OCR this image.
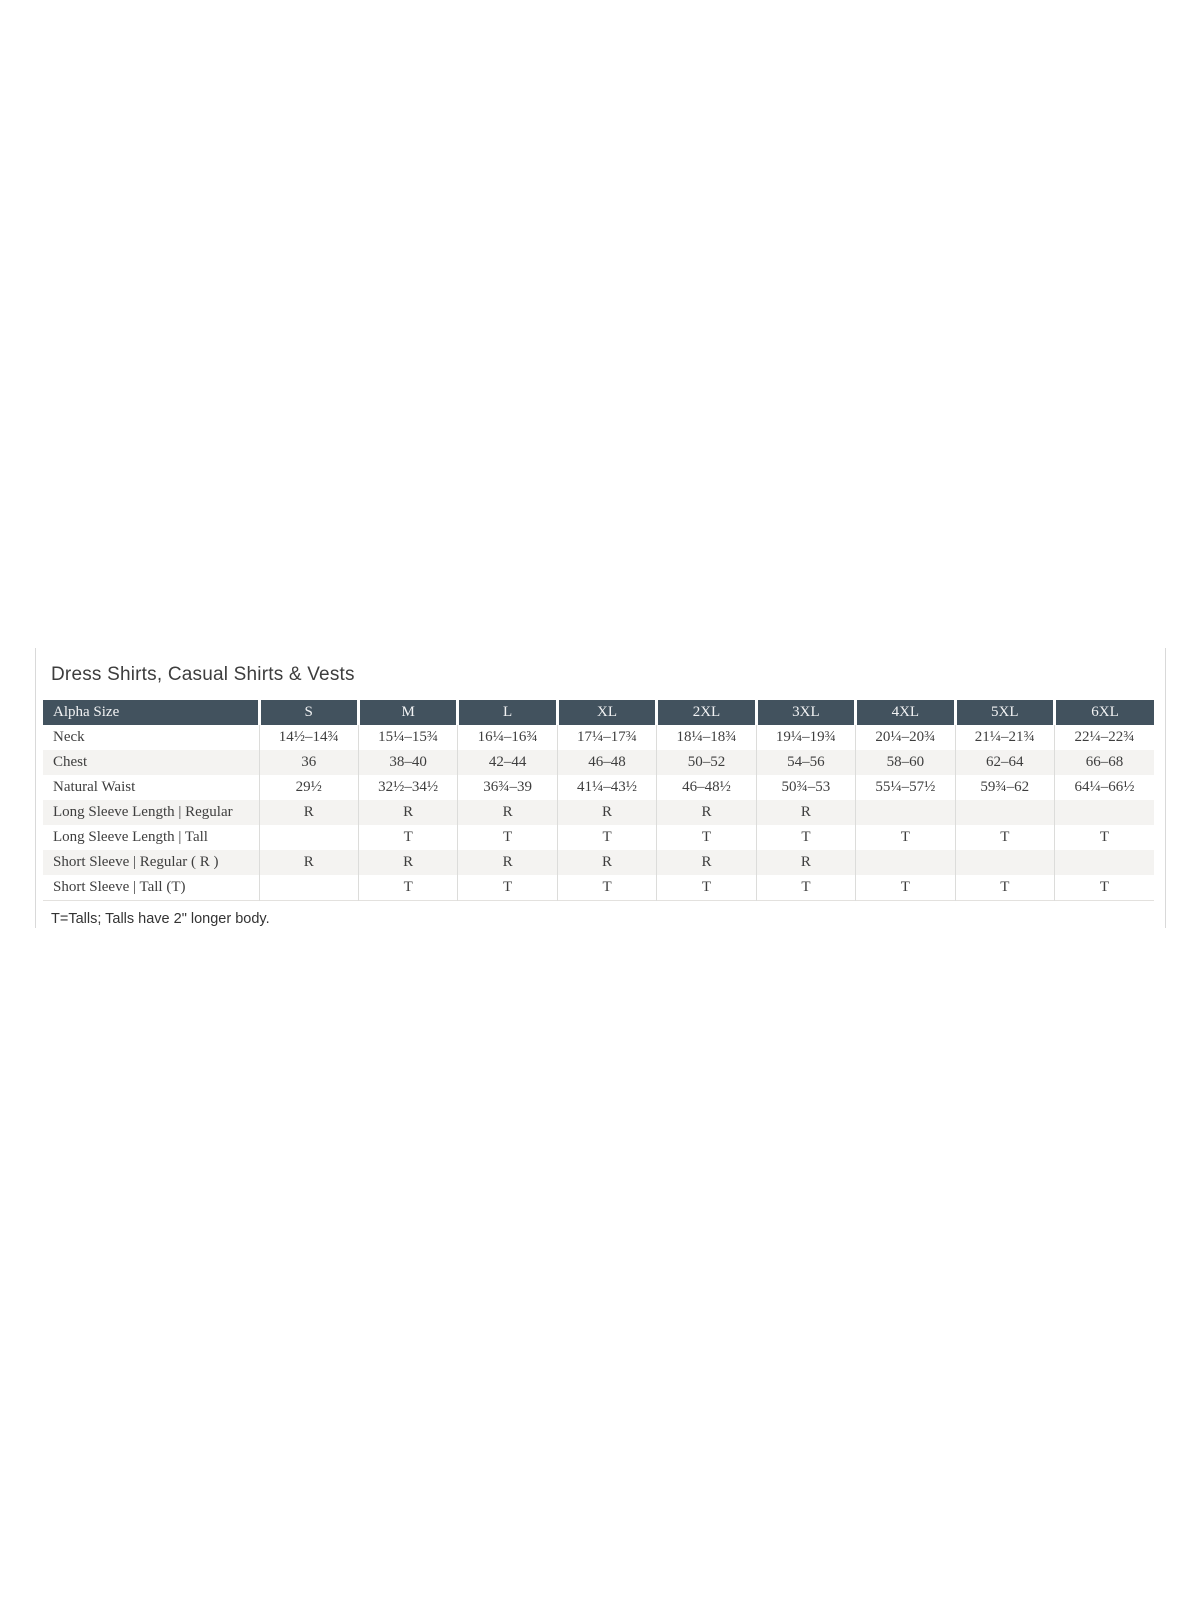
Dress Shirts, Casual Shirts & Vests
Alpha Size	S	M	L	XL	2XL	3XL	4XL	5XL	6XL
Neck	14½–14¾	15¼–15¾	16¼–16¾	17¼–17¾	18¼–18¾	19¼–19¾	20¼–20¾	21¼–21¾	22¼–22¾
Chest	36	38–40	42–44	46–48	50–52	54–56	58–60	62–64	66–68
Natural Waist	29½	32½–34½	36¾–39	41¼–43½	46–48½	50¾–53	55¼–57½	59¾–62	64¼–66½
Long Sleeve Length | Regular	R	R	R	R	R	R			
Long Sleeve Length | Tall		T	T	T	T	T	T	T	T
Short Sleeve | Regular ( R )	R	R	R	R	R	R			
Short Sleeve | Tall (T)		T	T	T	T	T	T	T	T

T=Talls; Talls have 2" longer body.
